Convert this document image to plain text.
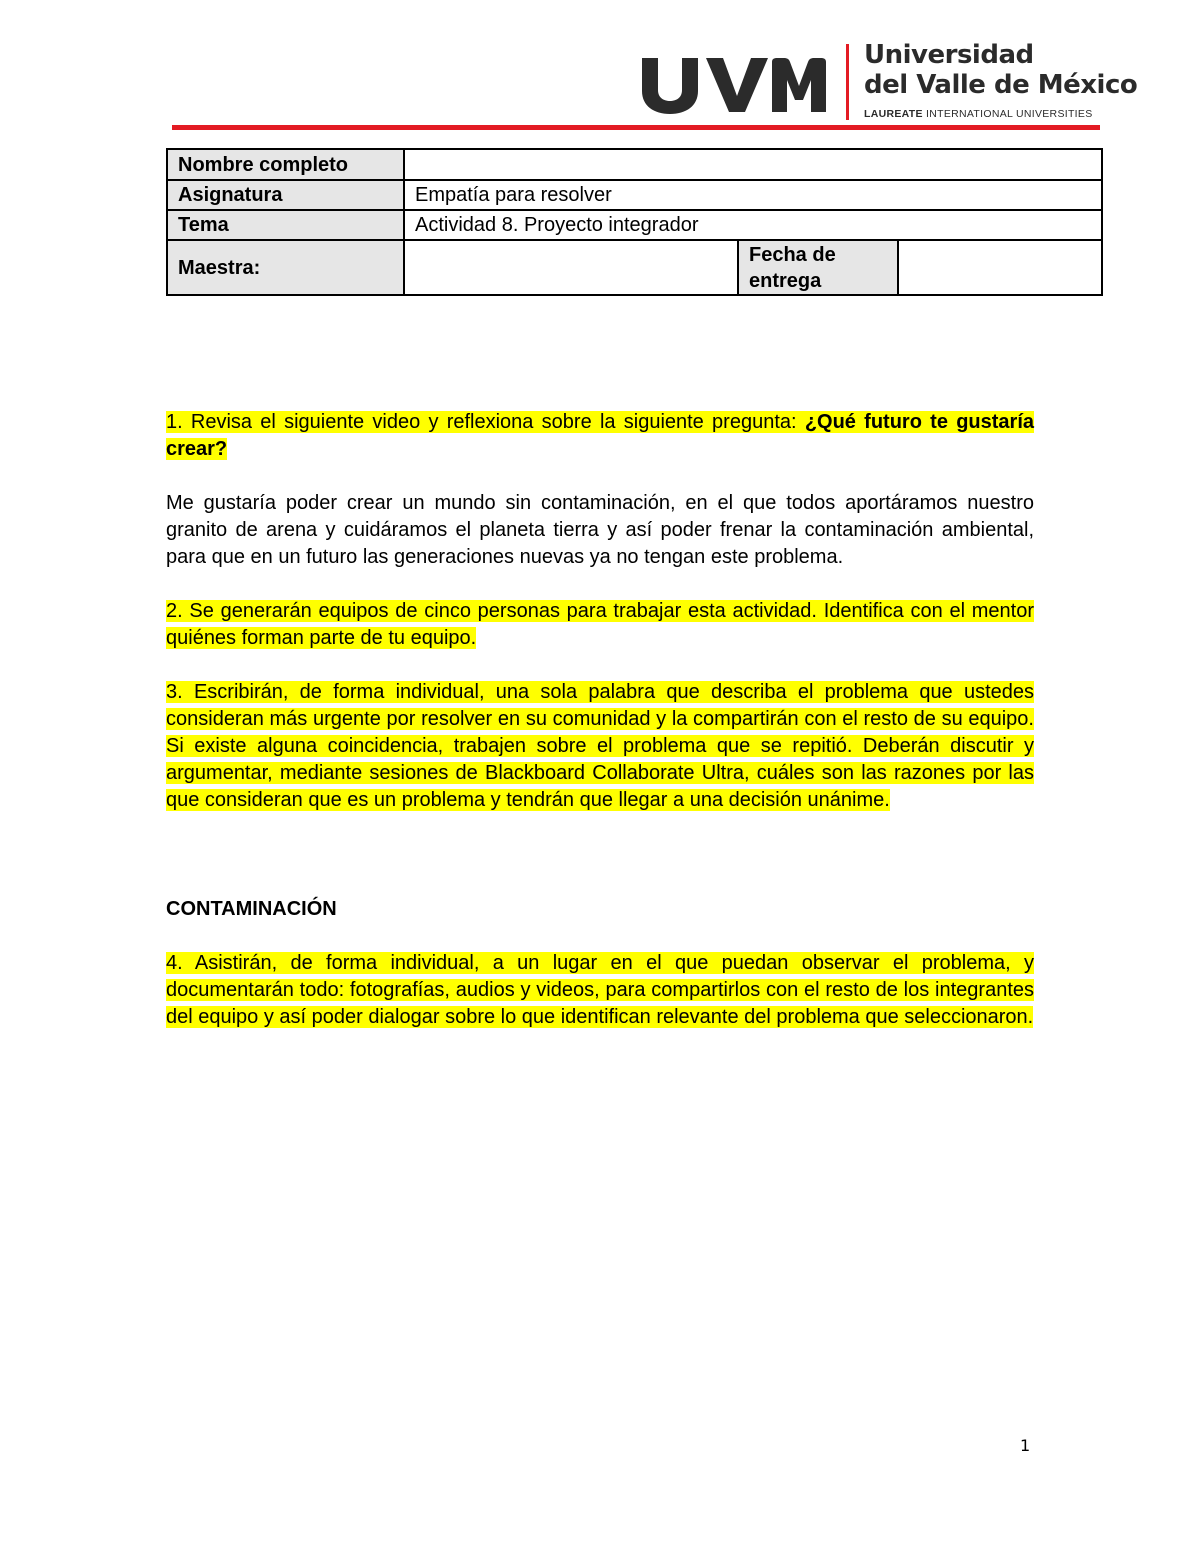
Universidad
del Valle de México
LAUREATE INTERNATIONAL UNIVERSITIES
Nombre completo			
Asignatura	Empatía para resolver		
Tema	Actividad 8. Proyecto integrador		
Maestra:		Fecha de entrega	

1. Revisa el siguiente video y reflexiona sobre la siguiente pregunta: ¿Qué futuro te gustaría crear?

Me gustaría poder crear un mundo sin contaminación, en el que todos aportáramos nuestro granito de arena y cuidáramos el planeta tierra y así poder frenar la contaminación ambiental, para que en un futuro las generaciones nuevas ya no tengan este problema.

2. Se generarán equipos de cinco personas para trabajar esta actividad. Identifica con el mentor quiénes forman parte de tu equipo.

3. Escribirán, de forma individual, una sola palabra que describa el problema que ustedes consideran más urgente por resolver en su comunidad y la compartirán con el resto de su equipo. Si existe alguna coincidencia, trabajen sobre el problema que se repitió. Deberán discutir y argumentar, mediante sesiones de Blackboard Collaborate Ultra, cuáles son las razones por las que consideran que es un problema y tendrán que llegar a una decisión unánime.

CONTAMINACIÓN

4. Asistirán, de forma individual, a un lugar en el que puedan observar el problema, y documentarán todo: fotografías, audios y videos, para compartirlos con el resto de los integrantes del equipo y así poder dialogar sobre lo que identifican relevante del problema que seleccionaron.

1
